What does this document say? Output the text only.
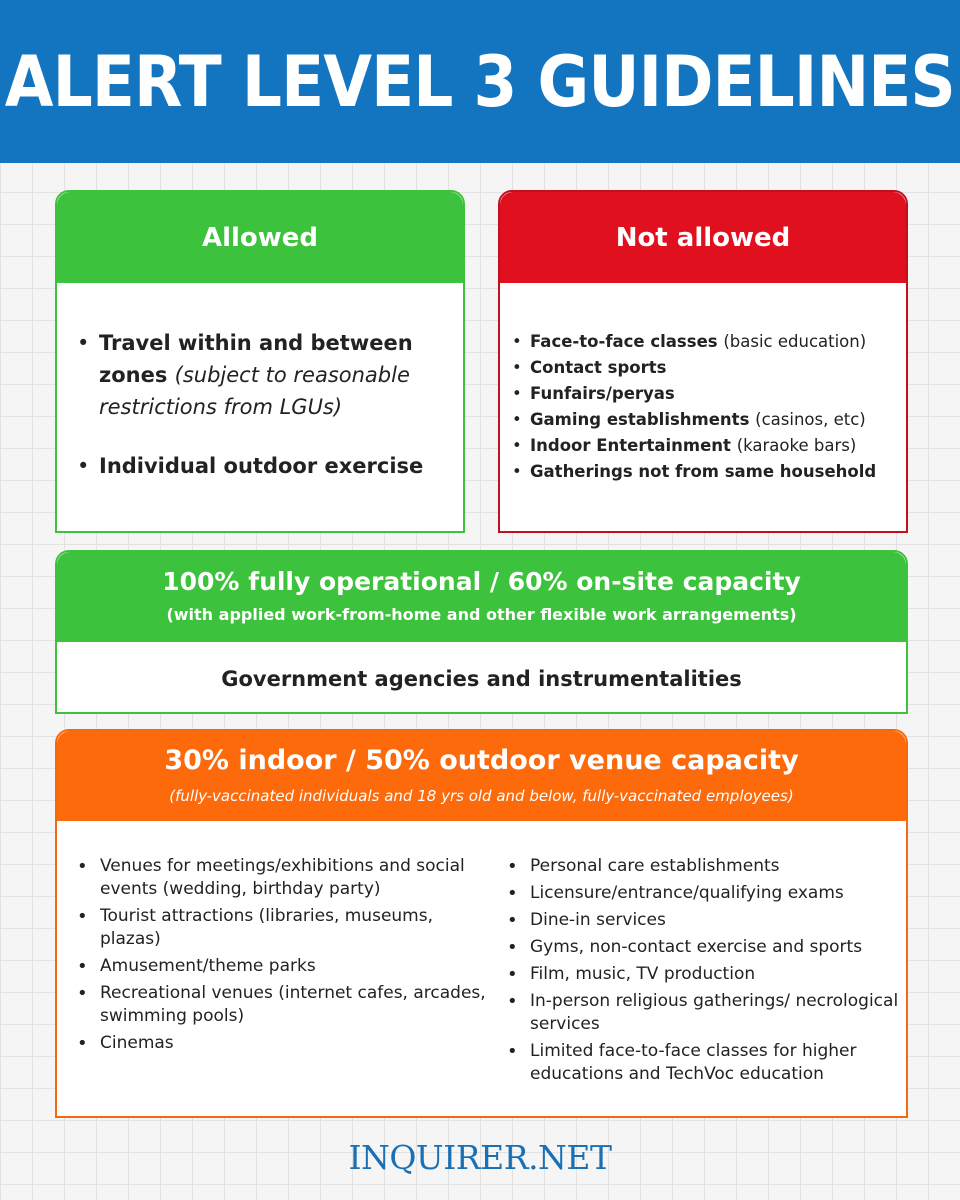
ALERT LEVEL 3 GUIDELINES
Allowed
• Travel within and between zones (subject to reasonable restrictions from LGUs)
• Individual outdoor exercise
Not allowed
• Face-to-face classes (basic education)
• Contact sports
• Funfairs/peryas
• Gaming establishments (casinos, etc)
• Indoor Entertainment (karaoke bars)
• Gatherings not from same household
100% fully operational / 60% on-site capacity
(with applied work-from-home and other flexible work arrangements)
Government agencies and instrumentalities
30% indoor / 50% outdoor venue capacity
(fully-vaccinated individuals and 18 yrs old and below, fully-vaccinated employees)
• Venues for meetings/exhibitions and social events (wedding, birthday party)
• Tourist attractions (libraries, museums, plazas)
• Amusement/theme parks
• Recreational venues (internet cafes, arcades, swimming pools)
• Cinemas
• Personal care establishments
• Licensure/entrance/qualifying exams
• Dine-in services
• Gyms, non-contact exercise and sports
• Film, music, TV production
• In-person religious gatherings/ necrological services
• Limited face-to-face classes for higher educations and TechVoc education
INQUIRER.NET
